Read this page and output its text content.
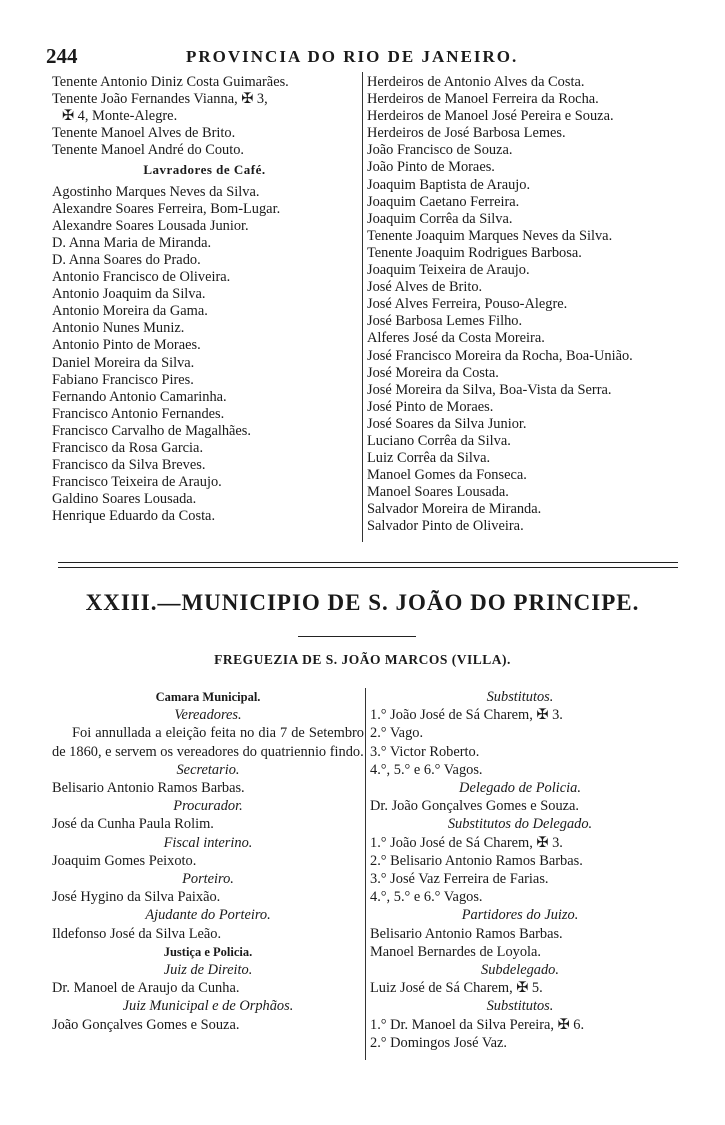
244	PROVINCIA DO RIO DE JANEIRO.
Tenente Antonio Diniz Costa Guimarães.
Tenente João Fernandes Vianna, ✠ 3,
✠ 4, Monte-Alegre.
Tenente Manoel Alves de Brito.
Tenente Manoel André do Couto.
Lavradores de Café.
Agostinho Marques Neves da Silva.
Alexandre Soares Ferreira, Bom-Lugar.
Alexandre Soares Lousada Junior.
D. Anna Maria de Miranda.
D. Anna Soares do Prado.
Antonio Francisco de Oliveira.
Antonio Joaquim da Silva.
Antonio Moreira da Gama.
Antonio Nunes Muniz.
Antonio Pinto de Moraes.
Daniel Moreira da Silva.
Fabiano Francisco Pires.
Fernando Antonio Camarinha.
Francisco Antonio Fernandes.
Francisco Carvalho de Magalhães.
Francisco da Rosa Garcia.
Francisco da Silva Breves.
Francisco Teixeira de Araujo.
Galdino Soares Lousada.
Henrique Eduardo da Costa.
Herdeiros de Antonio Alves da Costa.
Herdeiros de Manoel Ferreira da Rocha.
Herdeiros de Manoel José Pereira e Souza.
Herdeiros de José Barbosa Lemes.
João Francisco de Souza.
João Pinto de Moraes.
Joaquim Baptista de Araujo.
Joaquim Caetano Ferreira.
Joaquim Corrêa da Silva.
Tenente Joaquim Marques Neves da Silva.
Tenente Joaquim Rodrigues Barbosa.
Joaquim Teixeira de Araujo.
José Alves de Brito.
José Alves Ferreira, Pouso-Alegre.
José Barbosa Lemes Filho.
Alferes José da Costa Moreira.
José Francisco Moreira da Rocha, Boa-União.
José Moreira da Costa.
José Moreira da Silva, Boa-Vista da Serra.
José Pinto de Moraes.
José Soares da Silva Junior.
Luciano Corrêa da Silva.
Luiz Corrêa da Silva.
Manoel Gomes da Fonseca.
Manoel Soares Lousada.
Salvador Moreira de Miranda.
Salvador Pinto de Oliveira.
XXIII.—MUNICIPIO DE S. JOÃO DO PRINCIPE.
FREGUEZIA DE S. JOÃO MARCOS (VILLA).
Camara Municipal.
Vereadores.
Foi annullada a eleição feita no dia 7 de Setembro de 1860, e servem os vereadores do quatriennio findo.
Secretario.
Belisario Antonio Ramos Barbas.
Procurador.
José da Cunha Paula Rolim.
Fiscal interino.
Joaquim Gomes Peixoto.
Porteiro.
José Hygino da Silva Paixão.
Ajudante do Porteiro.
Ildefonso José da Silva Leão.
Justiça e Policia.
Juiz de Direito.
Dr. Manoel de Araujo da Cunha.
Juiz Municipal e de Orphãos.
João Gonçalves Gomes e Souza.
Substitutos.
1.° João José de Sá Charem, ✠ 3.
2.° Vago.
3.° Victor Roberto.
4.°, 5.° e 6.° Vagos.
Delegado de Policia.
Dr. João Gonçalves Gomes e Souza.
Substitutos do Delegado.
1.° João José de Sá Charem, ✠ 3.
2.° Belisario Antonio Ramos Barbas.
3.° José Vaz Ferreira de Farias.
4.°, 5.° e 6.° Vagos.
Partidores do Juizo.
Belisario Antonio Ramos Barbas.
Manoel Bernardes de Loyola.
Subdelegado.
Luiz José de Sá Charem, ✠ 5.
Substitutos.
1.° Dr. Manoel da Silva Pereira, ✠ 6.
2.° Domingos José Vaz.
